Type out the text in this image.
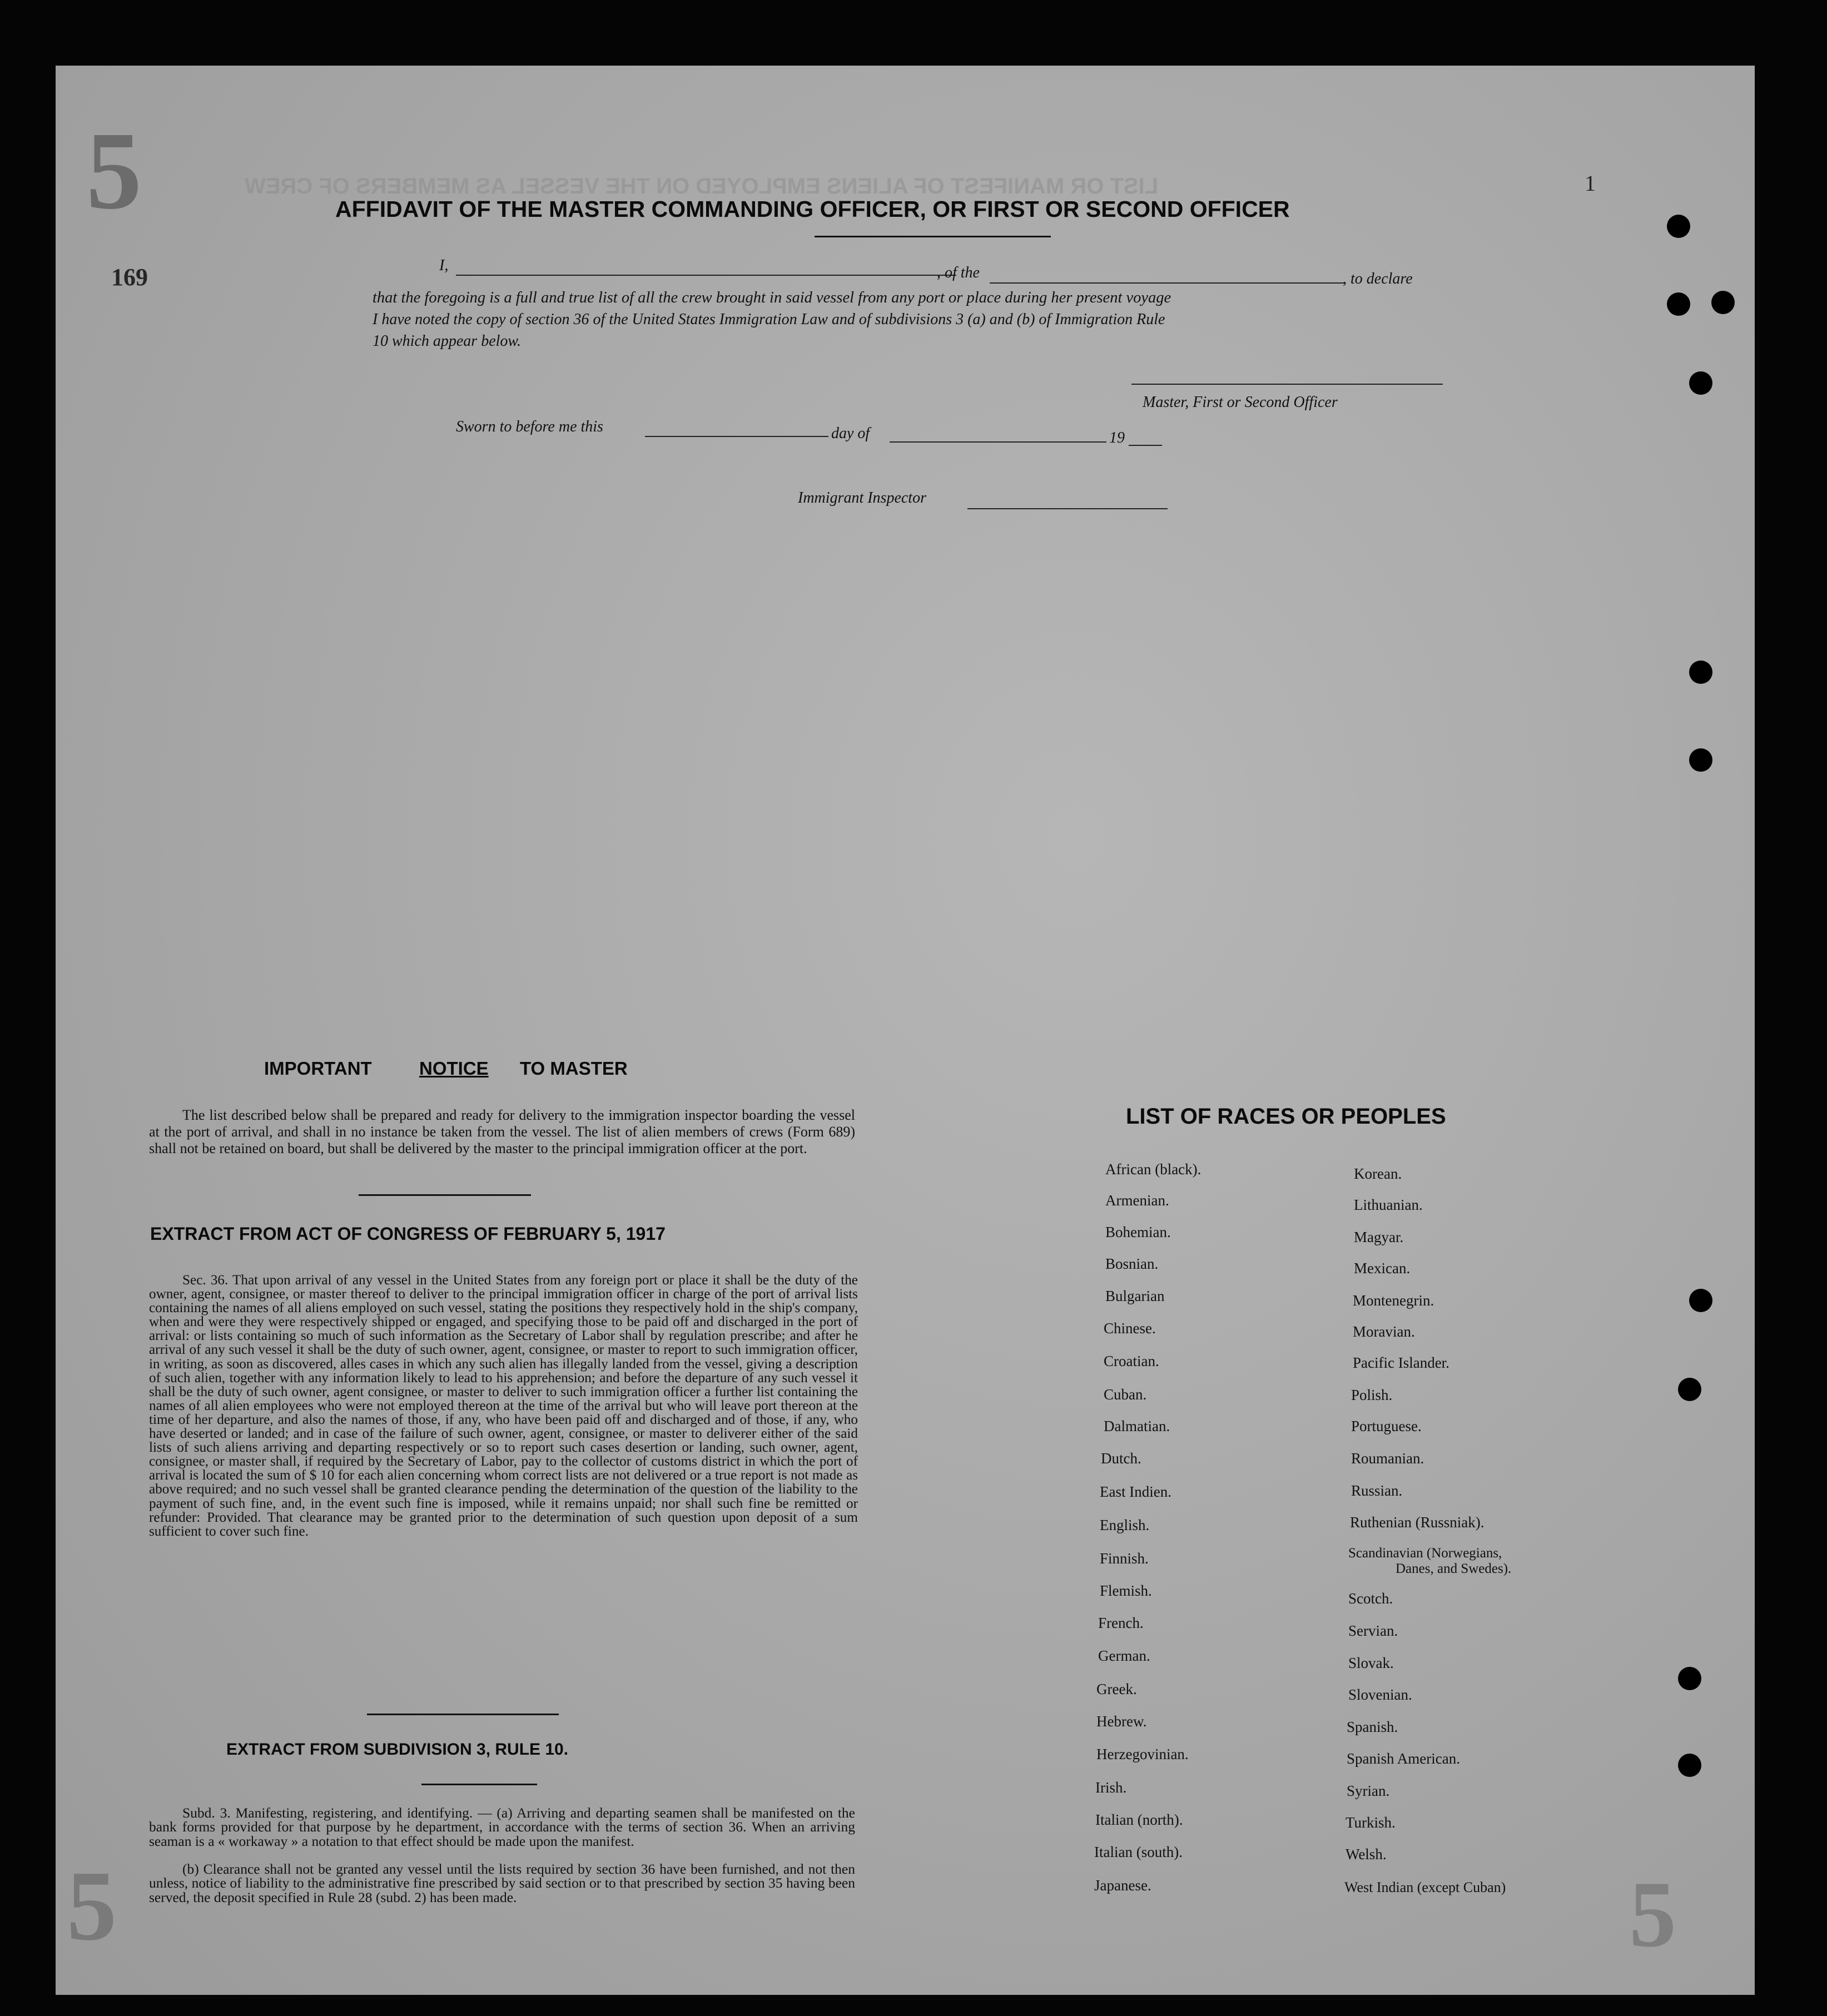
LIST OR MANIFEST OF ALIENS EMPLOYED ON THE VESSEL AS MEMBERS OF CREW
5
169
1
5	5
AFFIDAVIT OF THE MASTER COMMANDING OFFICER, OR FIRST OR SECOND OFFICER
I,	, of the	, to declare
that the foregoing is a full and true list of all the crew brought in said vessel from any port or place during her present voyage
I have noted the copy of section 36 of the United States Immigration Law and of subdivisions 3 (a) and (b) of Immigration Rule
10 which appear below.
Master, First or Second Officer
Sworn to before me this	day of	19
Immigrant Inspector
IMPORTANT	NOTICE TO MASTER
The list described below shall be prepared and ready for delivery to the immigration inspector boarding the vessel at the port of arrival, and shall in no instance be taken from the vessel. The list of alien members of crews (Form 689) shall not be retained on board, but shall be delivered by the master to the principal immigration officer at the port.
EXTRACT FROM ACT OF CONGRESS OF FEBRUARY 5, 1917
Sec. 36. That upon arrival of any vessel in the United States from any foreign port or place it shall be the duty of the owner, agent, consignee, or master thereof to deliver to the principal immigration officer in charge of the port of arrival lists containing the names of all aliens employed on such vessel, stating the positions they respectively hold in the ship's company, when and were they were respectively shipped or engaged, and specifying those to be paid off and discharged in the port of arrival: or lists containing so much of such information as the Secretary of Labor shall by regulation prescribe; and after he arrival of any such vessel it shall be the duty of such owner, agent, consignee, or master to report to such immigration officer, in writing, as soon as discovered, alles cases in which any such alien has illegally landed from the vessel, giving a description of such alien, together with any information likely to lead to his apprehension; and before the departure of any such vessel it shall be the duty of such owner, agent consignee, or master to deliver to such immigration officer a further list containing the names of all alien employees who were not employed thereon at the time of the arrival but who will leave port thereon at the time of her departure, and also the names of those, if any, who have been paid off and discharged and of those, if any, who have deserted or landed; and in case of the failure of such owner, agent, consignee, or master to deliverer either of the said lists of such aliens arriving and departing respectively or so to report such cases desertion or landing, such owner, agent, consignee, or master shall, if required by the Secretary of Labor, pay to the collector of customs district in which the port of arrival is located the sum of $ 10 for each alien concerning whom correct lists are not delivered or a true report is not made as above required; and no such vessel shall be granted clearance pending the determination of the question of the liability to the payment of such fine, and, in the event such fine is imposed, while it remains unpaid; nor shall such fine be remitted or refunder: Provided. That clearance may be granted prior to the determination of such question upon deposit of a sum sufficient to cover such fine.
EXTRACT FROM SUBDIVISION 3, RULE 10.
Subd. 3. Manifesting, registering, and identifying. — (a) Arriving and departing seamen shall be manifested on the bank forms provided for that purpose by he department, in accordance with the terms of section 36. When an arriving seaman is a « workaway » a notation to that effect should be made upon the manifest.
(b) Clearance shall not be granted any vessel until the lists required by section 36 have been furnished, and not then unless, notice of liability to the administrative fine prescribed by said section or to that prescribed by section 35 having been served, the deposit specified in Rule 28 (subd. 2) has been made.
LIST OF RACES OR PEOPLES
African (black).
Armenian.
Bohemian.
Bosnian.
Bulgarian
Chinese.
Croatian.
Cuban.
Dalmatian.
Dutch.
East Indien.
English.
Finnish.
Flemish.
French.
German.
Greek.
Hebrew.
Herzegovinian.
Irish.
Italian (north).
Italian (south).
Japanese.
Korean.
Lithuanian.
Magyar.
Mexican.
Montenegrin.
Moravian.
Pacific Islander.
Polish.
Portuguese.
Roumanian.
Russian.
Ruthenian (Russniak).
Scandinavian (Norwegians,
Danes, and Swedes).
Scotch.
Servian.
Slovak.
Slovenian.
Spanish.
Spanish American.
Syrian.
Turkish.
Welsh.
West Indian (except Cuban)
